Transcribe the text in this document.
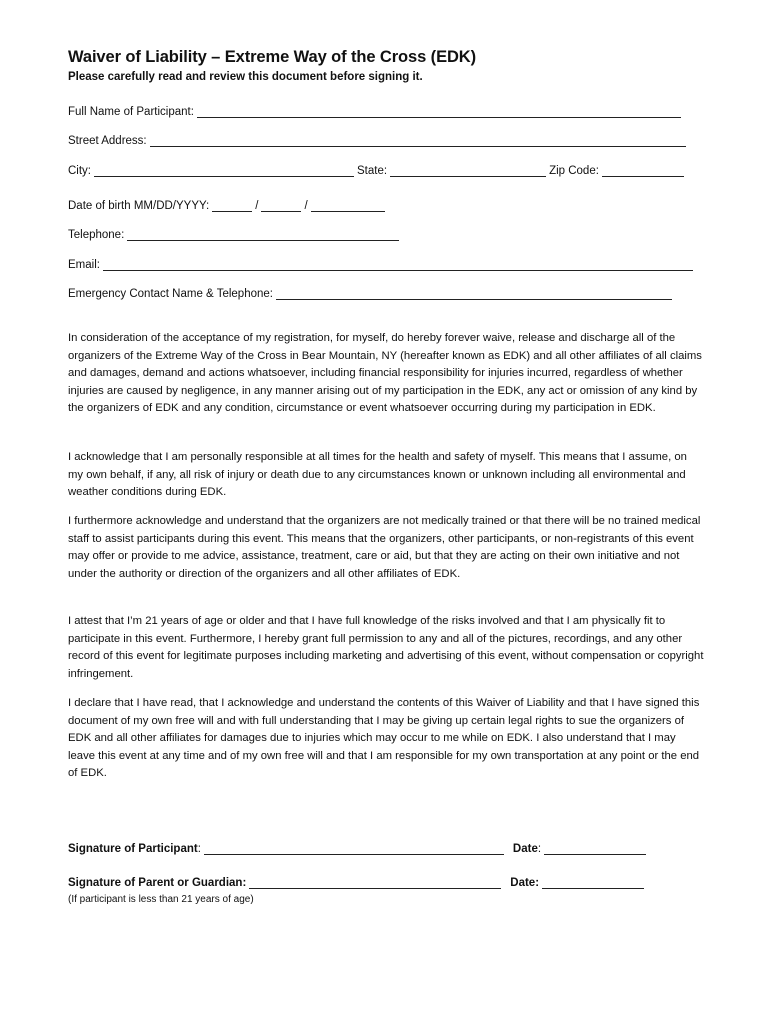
Waiver of Liability – Extreme Way of the Cross (EDK)
Please carefully read and review this document before signing it.
Full Name of Participant:
Street Address:
City:	State:	Zip Code:
Date of birth MM/DD/YYYY:	/	/
Telephone:
Email:
Emergency Contact Name & Telephone:

In consideration of the acceptance of my registration, for myself, do hereby forever waive, release and discharge all of the organizers of the Extreme Way of the Cross in Bear Mountain, NY (hereafter known as EDK) and all other affiliates of all claims and damages, demand and actions whatsoever, including financial responsibility for injuries incurred, regardless of whether injuries are caused by negligence, in any manner arising out of my participation in the EDK, any act or omission of any kind by the organizers of EDK and any condition, circumstance or event whatsoever occurring during my participation in EDK.

I acknowledge that I am personally responsible at all times for the health and safety of myself. This means that I assume, on my own behalf, if any, all risk of injury or death due to any circumstances known or unknown including all environmental and weather conditions during EDK.

I furthermore acknowledge and understand that the organizers are not medically trained or that there will be no trained medical staff to assist participants during this event. This means that the organizers, other participants, or non-registrants of this event may offer or provide to me advice, assistance, treatment, care or aid, but that they are acting on their own initiative and not under the authority or direction of the organizers and all other affiliates of EDK.

I attest that I’m 21 years of age or older and that I have full knowledge of the risks involved and that I am physically fit to participate in this event. Furthermore, I hereby grant full permission to any and all of the pictures, recordings, and any other record of this event for legitimate purposes including marketing and advertising of this event, without compensation or copyright infringement.

I declare that I have read, that I acknowledge and understand the contents of this Waiver of Liability and that I have signed this document of my own free will and with full understanding that I may be giving up certain legal rights to sue the organizers of EDK and all other affiliates for damages due to injuries which may occur to me while on EDK. I also understand that I may leave this event at any time and of my own free will and that I am responsible for my own transportation at any point or the end of EDK.

Signature of Participant :	Date:
Signature of Parent or Guardian:	Date:
(If participant is less than 21 years of age)
